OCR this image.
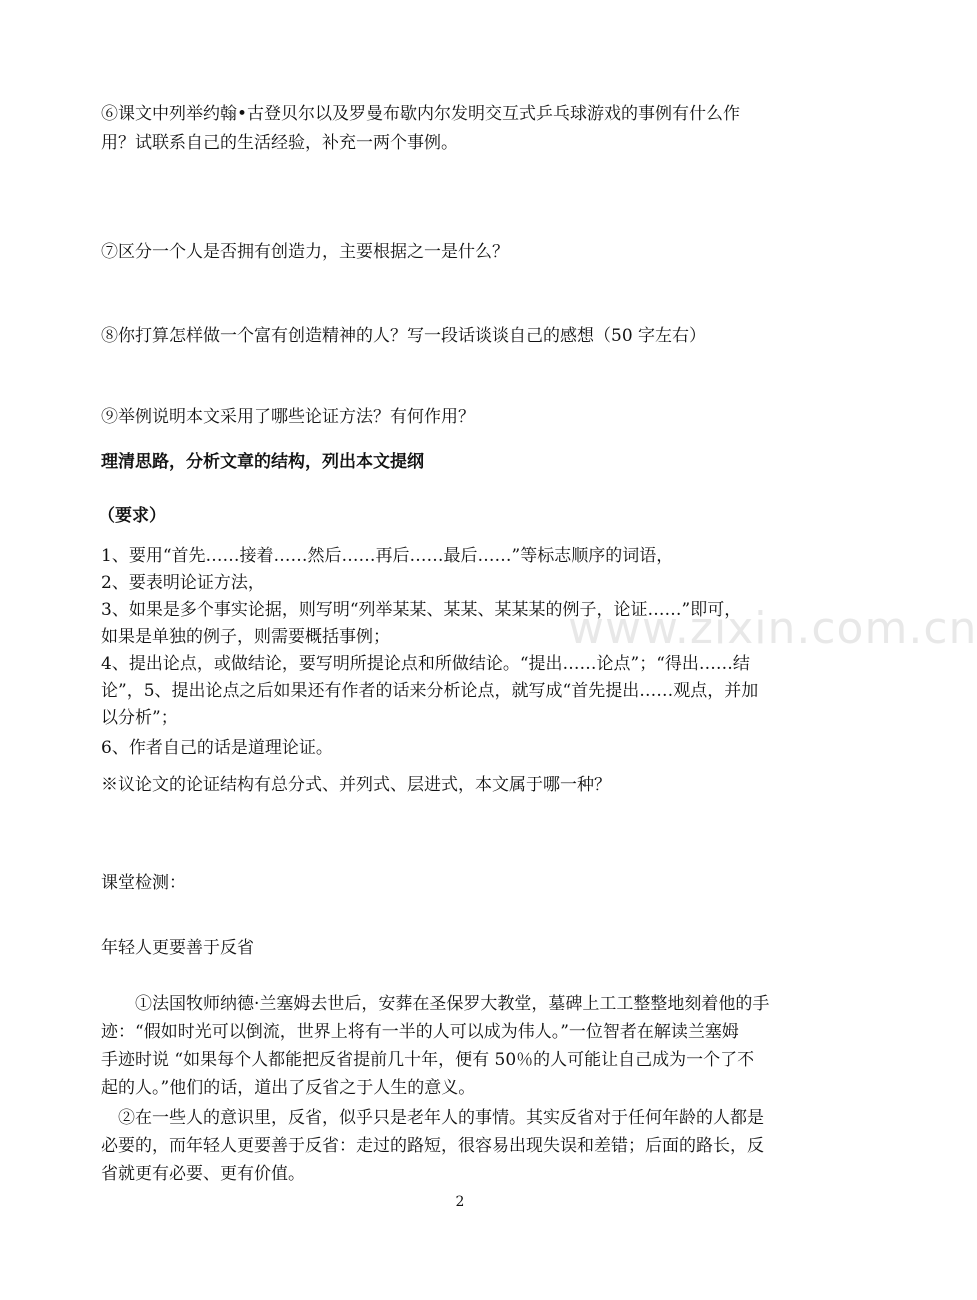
⑥课文中列举约翰•古登贝尔以及罗曼布歇内尔发明交互式乒乓球游戏的事例有什么作
用？试联系自己的生活经验，补充一两个事例。
⑦区分一个人是否拥有创造力，主要根据之一是什么？
⑧你打算怎样做一个富有创造精神的人？写一段话谈谈自己的感想（50 字左右）
⑨举例说明本文采用了哪些论证方法？有何作用？
理清思路，分析文章的结构，列出本文提纲
（要求）
1、要用“首先……接着……然后……再后……最后……”等标志顺序的词语，
2、要表明论证方法，
3、如果是多个事实论据，则写明“列举某某、某某、某某某的例子，论证……”即可，
如果是单独的例子，则需要概括事例；
4、提出论点，或做结论，要写明所提论点和所做结论。“提出……论点”；“得出……结
论”，5、提出论点之后如果还有作者的话来分析论点，就写成“首先提出……观点，并加
以分析”；
6、作者自己的话是道理论证。
※议论文的论证结构有总分式、并列式、层进式，本文属于哪一种？
课堂检测：
年轻人更要善于反省
①法国牧师纳德·兰塞姆去世后，安葬在圣保罗大教堂，墓碑上工工整整地刻着他的手
迹：“假如时光可以倒流，世界上将有一半的人可以成为伟人。”一位智者在解读兰塞姆
手迹时说 “如果每个人都能把反省提前几十年，便有 50％的人可能让自己成为一个了不
起的人。”他们的话，道出了反省之于人生的意义。
②在一些人的意识里，反省，似乎只是老年人的事情。其实反省对于任何年龄的人都是
必要的，而年轻人更要善于反省：走过的路短，很容易出现失误和差错；后面的路长，反
省就更有必要、更有价值。
2
www.zixin.com.cn
